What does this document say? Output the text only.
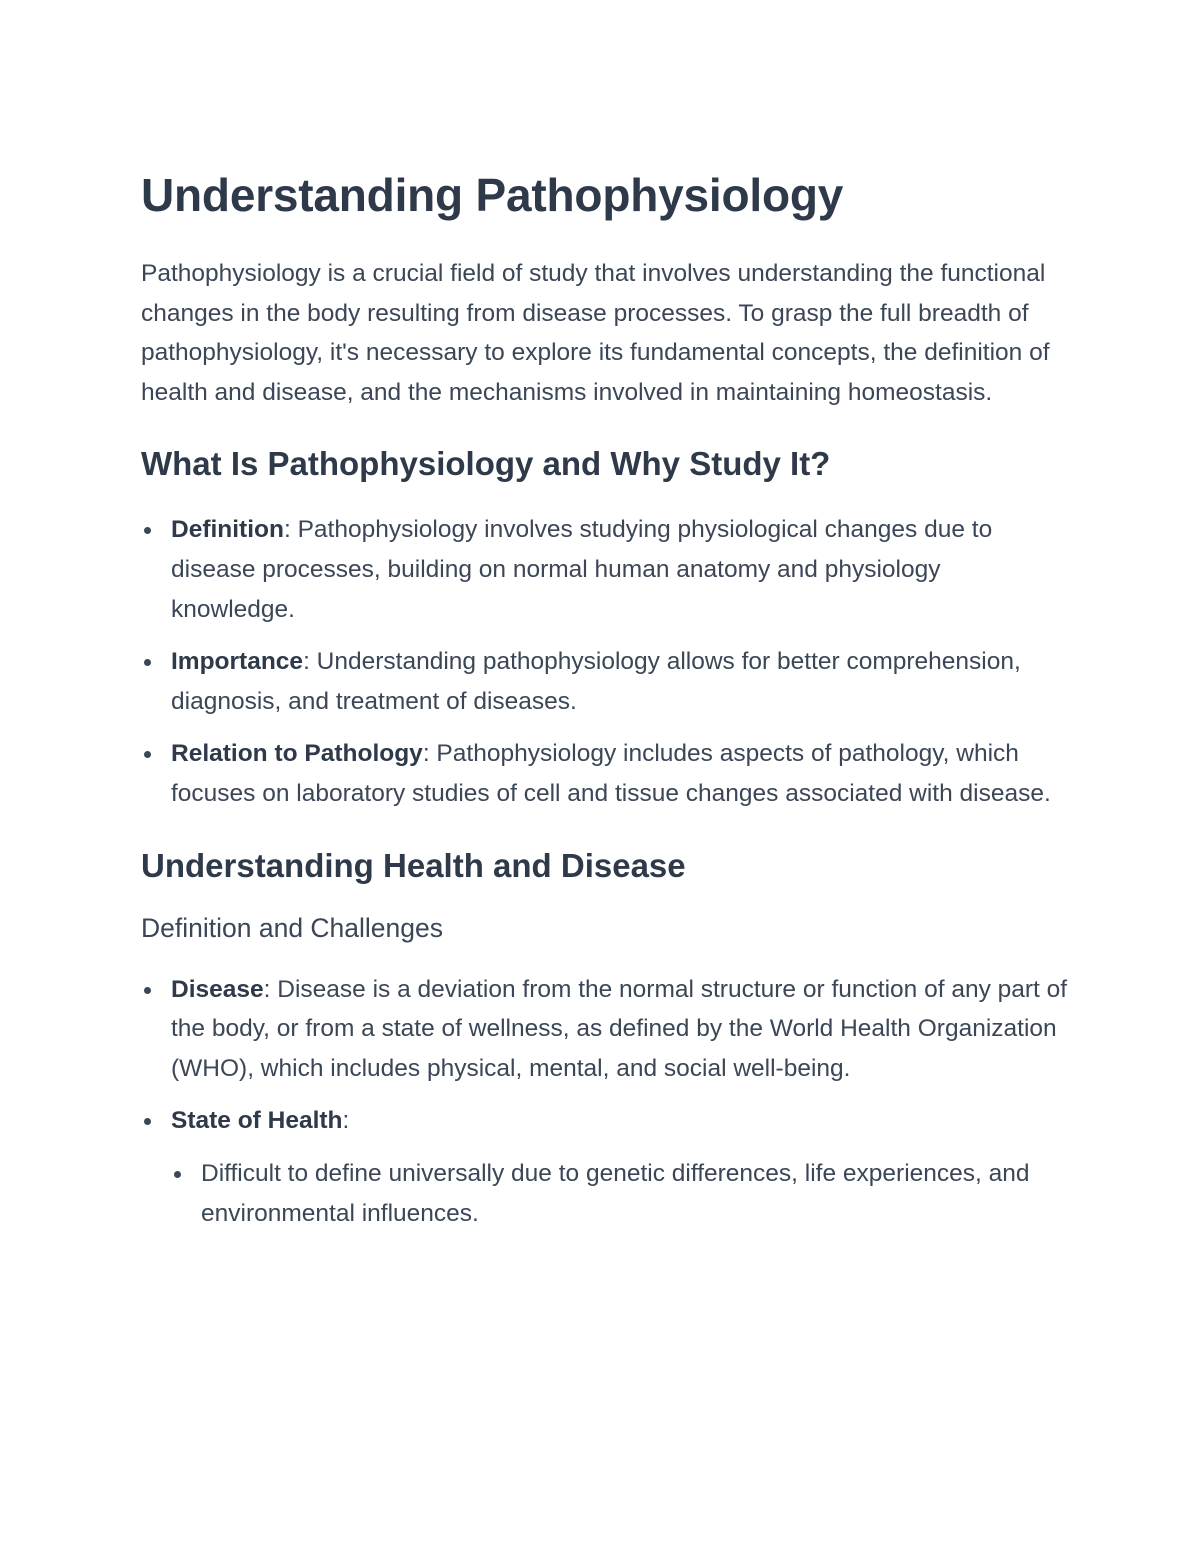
Understanding Pathophysiology

Pathophysiology is a crucial field of study that involves understanding the functional changes in the body resulting from disease processes. To grasp the full breadth of pathophysiology, it's necessary to explore its fundamental concepts, the definition of health and disease, and the mechanisms involved in maintaining homeostasis.

What Is Pathophysiology and Why Study It?
Definition: Pathophysiology involves studying physiological changes due to disease processes, building on normal human anatomy and physiology knowledge.
Importance: Understanding pathophysiology allows for better comprehension, diagnosis, and treatment of diseases.
Relation to Pathology: Pathophysiology includes aspects of pathology, which focuses on laboratory studies of cell and tissue changes associated with disease.
Understanding Health and Disease
Definition and Challenges
Disease: Disease is a deviation from the normal structure or function of any part of the body, or from a state of wellness, as defined by the World Health Organization (WHO), which includes physical, mental, and social well-being.
State of Health:
Difficult to define universally due to genetic differences, life experiences, and environmental influences.
